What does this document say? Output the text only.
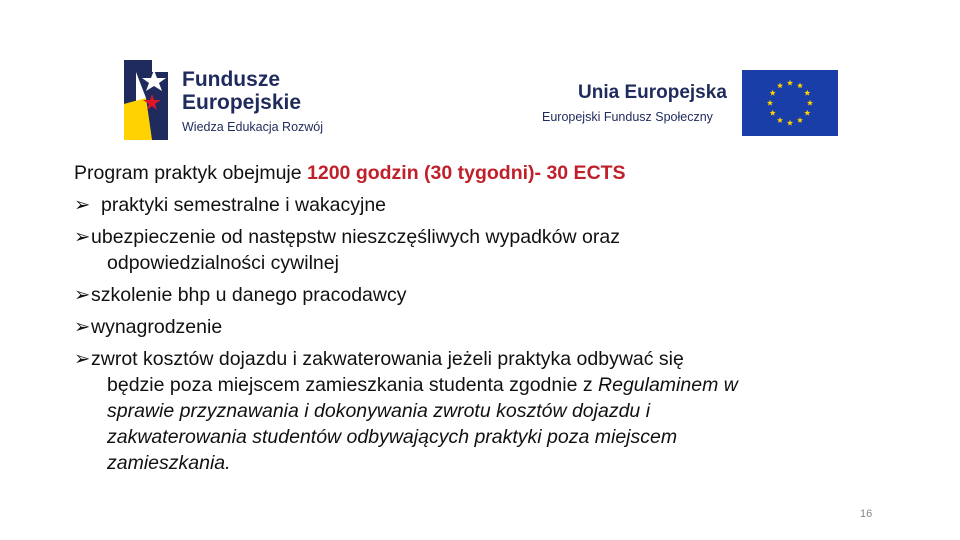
Fundusze
Europejskie
Wiedza Edukacja Rozwój
Unia Europejska
Europejski Fundusz Społeczny
Program praktyk obejmuje 1200 godzin (30 tygodni)- 30 ECTS
➢ praktyki semestralne i wakacyjne
➢ ubezpieczenie od następstw nieszczęśliwych wypadków oraz
odpowiedzialności cywilnej
➢ szkolenie bhp u danego pracodawcy
➢ wynagrodzenie
➢ zwrot kosztów dojazdu i zakwaterowania jeżeli praktyka odbywać się
będzie poza miejscem zamieszkania studenta zgodnie z Regulaminem w
sprawie przyznawania i dokonywania zwrotu kosztów dojazdu i
zakwaterowania studentów odbywających praktyki poza miejscem
zamieszkania.
16
